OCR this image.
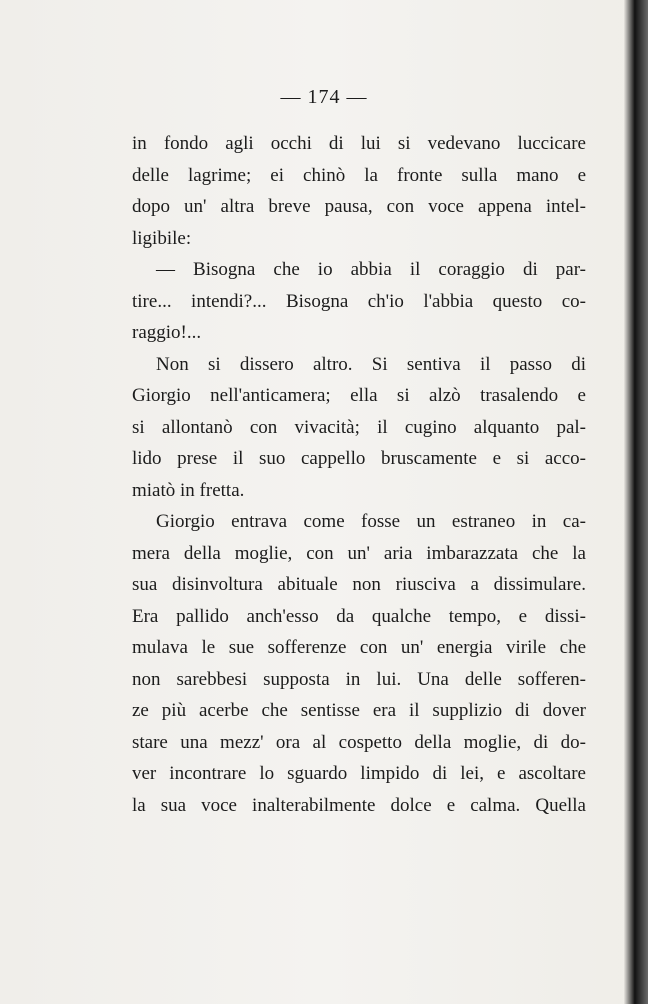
— 174 —
in fondo agli occhi di lui si vedevano luccicare
delle lagrime; ei chinò la fronte sulla mano e
dopo un' altra breve pausa, con voce appena intel-
ligibile:
— Bisogna che io abbia il coraggio di par-
tire... intendi?... Bisogna ch'io l'abbia questo co-
raggio!...
Non si dissero altro. Si sentiva il passo di
Giorgio nell'anticamera; ella si alzò trasalendo e
si allontanò con vivacità; il cugino alquanto pal-
lido prese il suo cappello bruscamente e si acco-
miatò in fretta.
Giorgio entrava come fosse un estraneo in ca-
mera della moglie, con un' aria imbarazzata che la
sua disinvoltura abituale non riusciva a dissimulare.
Era pallido anch'esso da qualche tempo, e dissi-
mulava le sue sofferenze con un' energia virile che
non sarebbesi supposta in lui. Una delle sofferen-
ze più acerbe che sentisse era il supplizio di dover
stare una mezz' ora al cospetto della moglie, di do-
ver incontrare lo sguardo limpido di lei, e ascoltare
la sua voce inalterabilmente dolce e calma. Quella
